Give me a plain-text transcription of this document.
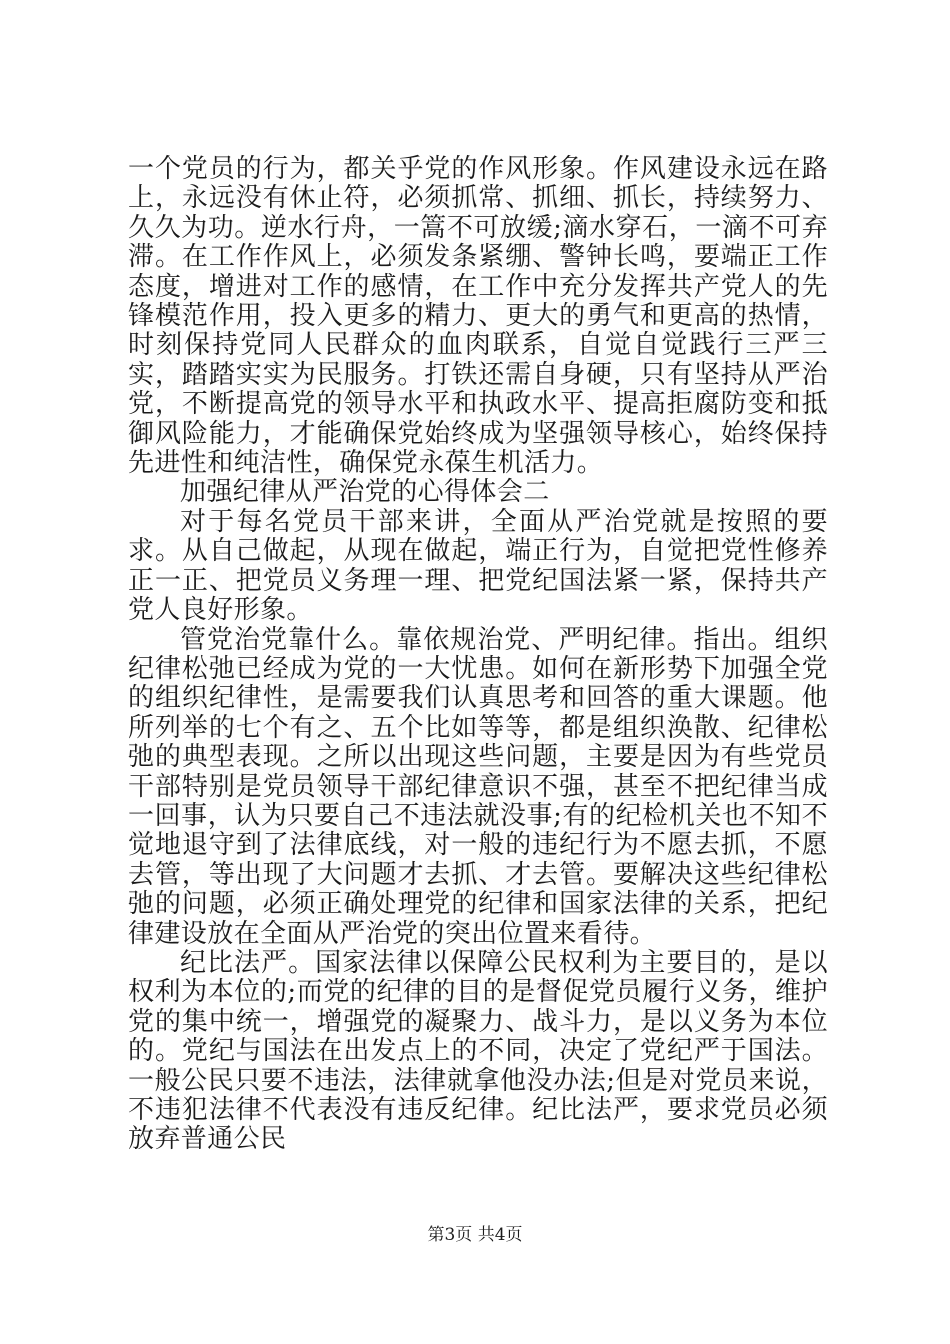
一个党员的行为，都关乎党的作风形象。作风建设永远在路上，永远没有休止符，必须抓常、抓细、抓长，持续努力、久久为功。逆水行舟，一篙不可放缓;滴水穿石，一滴不可弃滞。在工作作风上，必须发条紧绷、警钟长鸣，要端正工作态度，增进对工作的感情，在工作中充分发挥共产党人的先锋模范作用，投入更多的精力、更大的勇气和更高的热情，时刻保持党同人民群众的血肉联系，自觉自觉践行三严三实，踏踏实实为民服务。打铁还需自身硬，只有坚持从严治党，不断提高党的领导水平和执政水平、提高拒腐防变和抵御风险能力，才能确保党始终成为坚强领导核心，始终保持先进性和纯洁性，确保党永葆生机活力。

加强纪律从严治党的心得体会二

对于每名党员干部来讲，全面从严治党就是按照的要求。从自己做起，从现在做起，端正行为，自觉把党性修养正一正、把党员义务理一理、把党纪国法紧一紧，保持共产党人良好形象。

管党治党靠什么。靠依规治党、严明纪律。指出。组织纪律松弛已经成为党的一大忧患。如何在新形势下加强全党的组织纪律性，是需要我们认真思考和回答的重大课题。他所列举的七个有之、五个比如等等，都是组织涣散、纪律松弛的典型表现。之所以出现这些问题，主要是因为有些党员干部特别是党员领导干部纪律意识不强，甚至不把纪律当成一回事，认为只要自己不违法就没事;有的纪检机关也不知不觉地退守到了法律底线，对一般的违纪行为不愿去抓，不愿去管，等出现了大问题才去抓、才去管。要解决这些纪律松弛的问题，必须正确处理党的纪律和国家法律的关系，把纪律建设放在全面从严治党的突出位置来看待。

纪比法严。国家法律以保障公民权利为主要目的，是以权利为本位的;而党的纪律的目的是督促党员履行义务，维护党的集中统一，增强党的凝聚力、战斗力，是以义务为本位的。党纪与国法在出发点上的不同，决定了党纪严于国法。一般公民只要不违法，法律就拿他没办法;但是对党员来说，不违犯法律不代表没有违反纪律。纪比法严，要求党员必须放弃普通公民

第3页 共4页
